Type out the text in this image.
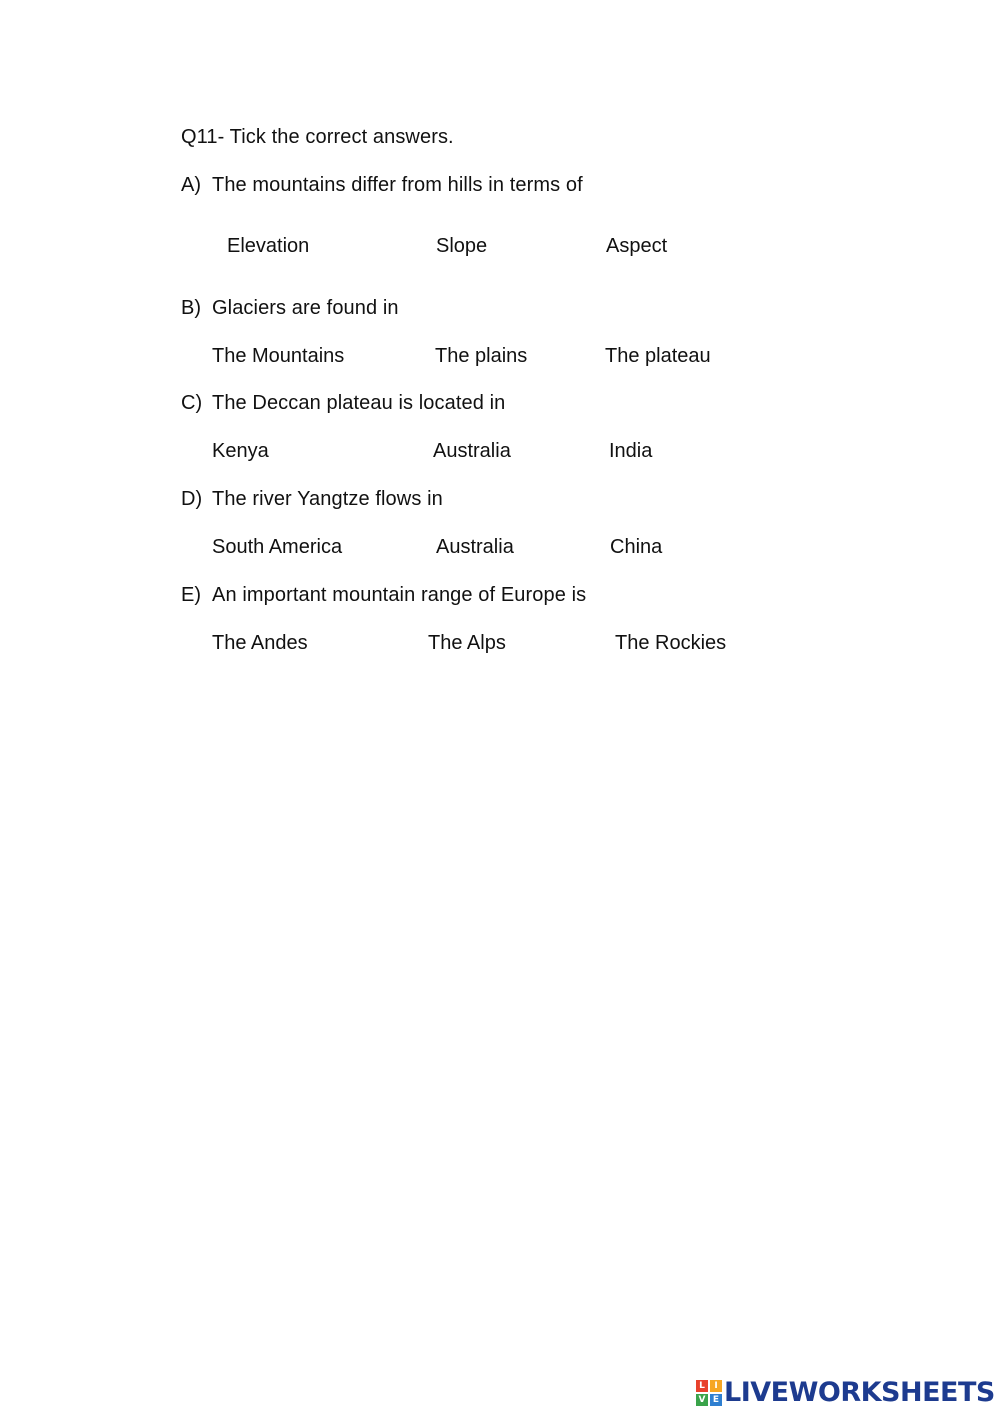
Q11- Tick the correct answers.
A) The mountains differ from hills in terms of
Elevation	Slope	Aspect
B) Glaciers are found in
The Mountains	The plains	The plateau
C) The Deccan plateau is located in
Kenya	Australia	India
D) The river Yangtze flows in
South America	Australia	China
E) An important mountain range of Europe is
The Andes	The Alps	The Rockies
L	I
V E LIVEWORKSHEETS
